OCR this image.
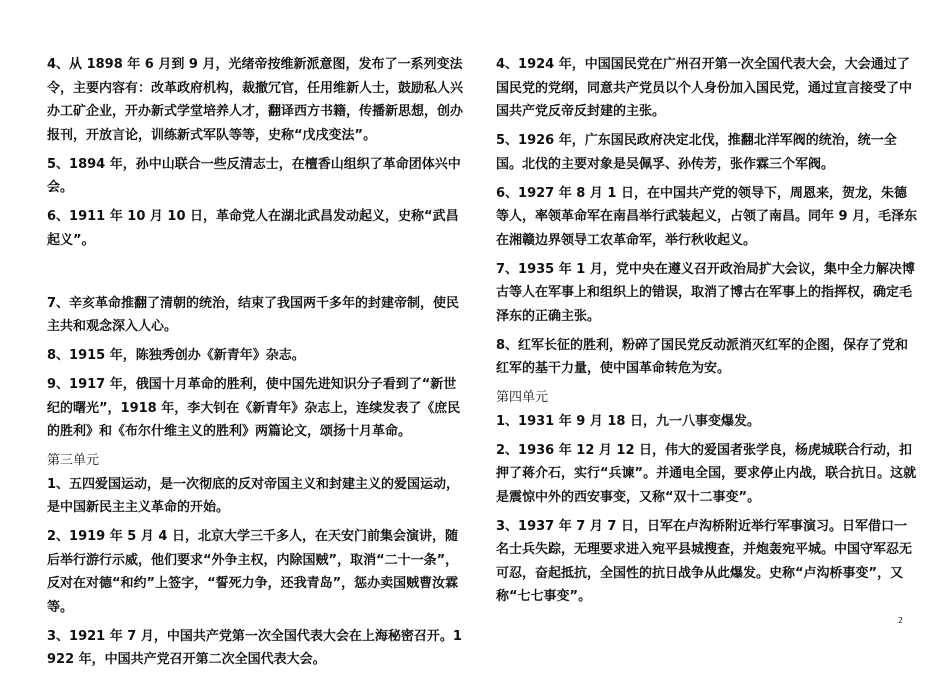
4、从 1898 年 6 月到 9 月，光绪帝按维新派意图，发布了一系列变法令，主要内容有：改革政府机构，裁撤冗官，任用维新人士，鼓励私人兴办工矿企业，开办新式学堂培养人才，翻译西方书籍，传播新思想，创办报刊，开放言论，训练新式军队等等，史称“戊戌变法”。

5、1894 年，孙中山联合一些反清志士，在檀香山组织了革命团体兴中会。

6、1911 年 10 月 10 日，革命党人在湖北武昌发动起义，史称“武昌起义”。

7、辛亥革命推翻了清朝的统治，结束了我国两千多年的封建帝制，使民主共和观念深入人心。

8、1915 年，陈独秀创办《新青年》杂志。

9、1917 年，俄国十月革命的胜利，使中国先进知识分子看到了“新世纪的曙光”，1918 年，李大钊在《新青年》杂志上，连续发表了《庶民的胜利》和《布尔什维主义的胜利》两篇论文，颂扬十月革命。

第三单元

1、五四爱国运动，是一次彻底的反对帝国主义和封建主义的爱国运动，是中国新民主主义革命的开始。

2、1919 年 5 月 4 日，北京大学三千多人，在天安门前集会演讲，随后举行游行示威，他们要求“外争主权，内除国贼”，取消“二十一条”，反对在对德“和约”上签字，“誓死力争，还我青岛”，惩办卖国贼曹汝霖等。

3、1921 年 7 月，中国共产党第一次全国代表大会在上海秘密召开。1922 年，中国共产党召开第二次全国代表大会。

4、1924 年，中国国民党在广州召开第一次全国代表大会，大会通过了国民党的党纲，同意共产党员以个人身份加入国民党，通过宣言接受了中国共产党反帝反封建的主张。

5、1926 年，广东国民政府决定北伐，推翻北洋军阀的统治，统一全国。北伐的主要对象是吴佩孚、孙传芳，张作霖三个军阀。

6、1927 年 8 月 1 日，在中国共产党的领导下，周恩来，贺龙，朱德等人，率领革命军在南昌举行武装起义，占领了南昌。同年 9 月，毛泽东在湘赣边界领导工农革命军，举行秋收起义。

7、1935 年 1 月，党中央在遵义召开政治局扩大会议，集中全力解决博古等人在军事上和组织上的错误，取消了博古在军事上的指挥权，确定毛泽东的正确主张。

8、红军长征的胜利，粉碎了国民党反动派消灭红军的企图，保存了党和红军的基干力量，使中国革命转危为安。

第四单元

1、1931 年 9 月 18 日，九一八事变爆发。

2、1936 年 12 月 12 日，伟大的爱国者张学良，杨虎城联合行动，扣押了蒋介石，实行“兵谏”。并通电全国，要求停止内战，联合抗日。这就是震惊中外的西安事变，又称“双十二事变”。

3、1937 年 7 月 7 日，日军在卢沟桥附近举行军事演习。日军借口一名士兵失踪，无理要求进入宛平县城搜查，并炮轰宛平城。中国守军忍无可忍，奋起抵抗，全国性的抗日战争从此爆发。史称“卢沟桥事变”，又称“七七事变”。

2
